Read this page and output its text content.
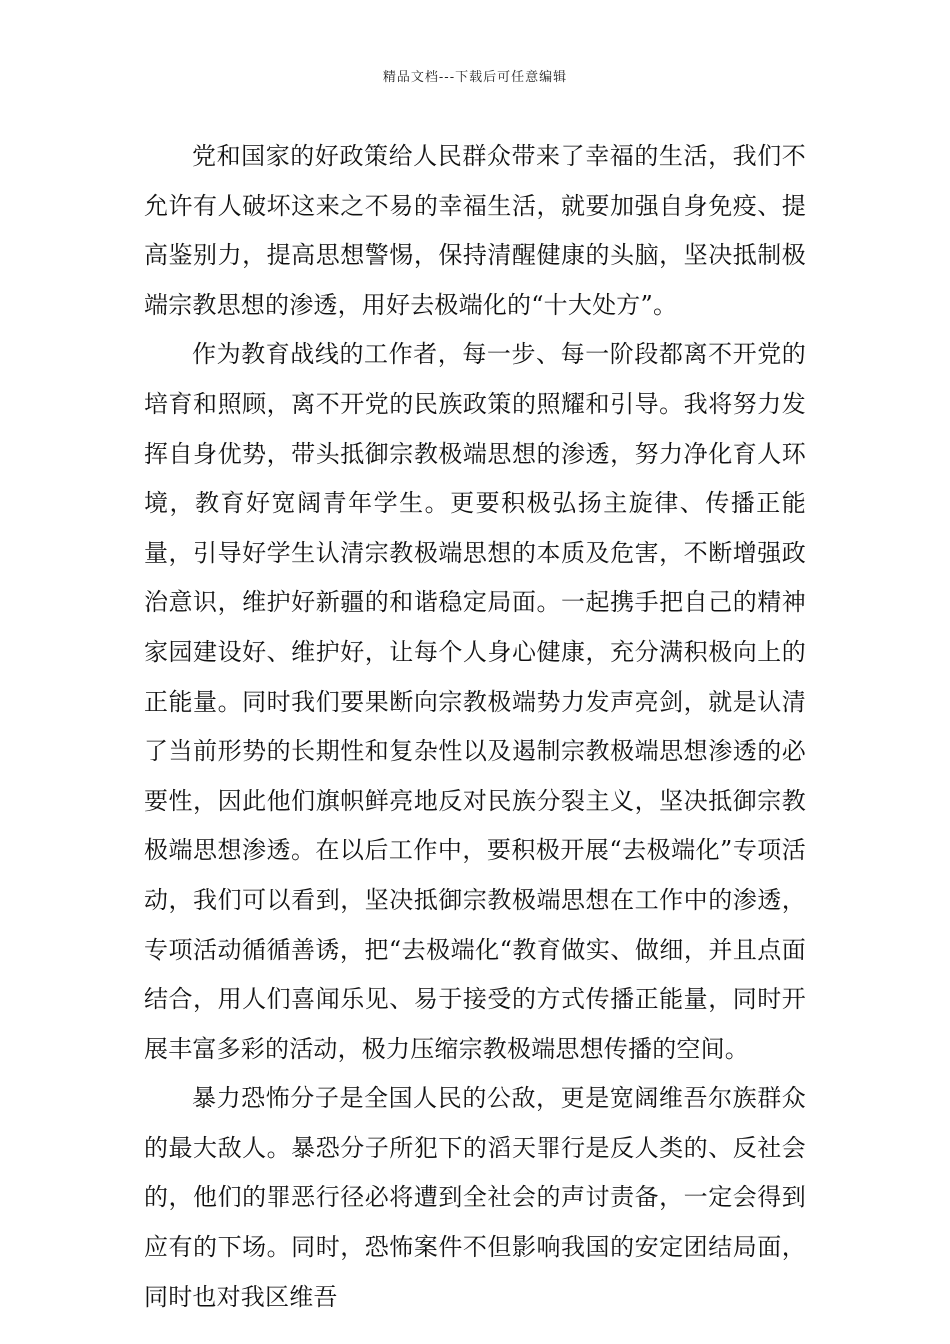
精品文档---下载后可任意编辑

党和国家的好政策给人民群众带来了幸福的生活，我们不允许有人破坏这来之不易的幸福生活，就要加强自身免疫、提高鉴别力，提高思想警惕，保持清醒健康的头脑，坚决抵制极端宗教思想的渗透，用好去极端化的“十大处方”。

作为教育战线的工作者，每一步、每一阶段都离不开党的培育和照顾，离不开党的民族政策的照耀和引导。我将努力发挥自身优势，带头抵御宗教极端思想的渗透，努力净化育人环境，教育好宽阔青年学生。更要积极弘扬主旋律、传播正能量，引导好学生认清宗教极端思想的本质及危害，不断增强政治意识，维护好新疆的和谐稳定局面。一起携手把自己的精神家园建设好、维护好，让每个人身心健康，充分满积极向上的正能量。同时我们要果断向宗教极端势力发声亮剑，就是认清了当前形势的长期性和复杂性以及遏制宗教极端思想渗透的必要性，因此他们旗帜鲜亮地反对民族分裂主义，坚决抵御宗教极端思想渗透。在以后工作中，要积极开展“去极端化”专项活动，我们可以看到，坚决抵御宗教极端思想在工作中的渗透，专项活动循循善诱，把“去极端化“教育做实、做细，并且点面结合，用人们喜闻乐见、易于接受的方式传播正能量，同时开展丰富多彩的活动，极力压缩宗教极端思想传播的空间。

暴力恐怖分子是全国人民的公敌，更是宽阔维吾尔族群众的最大敌人。暴恐分子所犯下的滔天罪行是反人类的、反社会的，他们的罪恶行径必将遭到全社会的声讨责备，一定会得到应有的下场。同时，恐怖案件不但影响我国的安定团结局面，同时也对我区维吾
